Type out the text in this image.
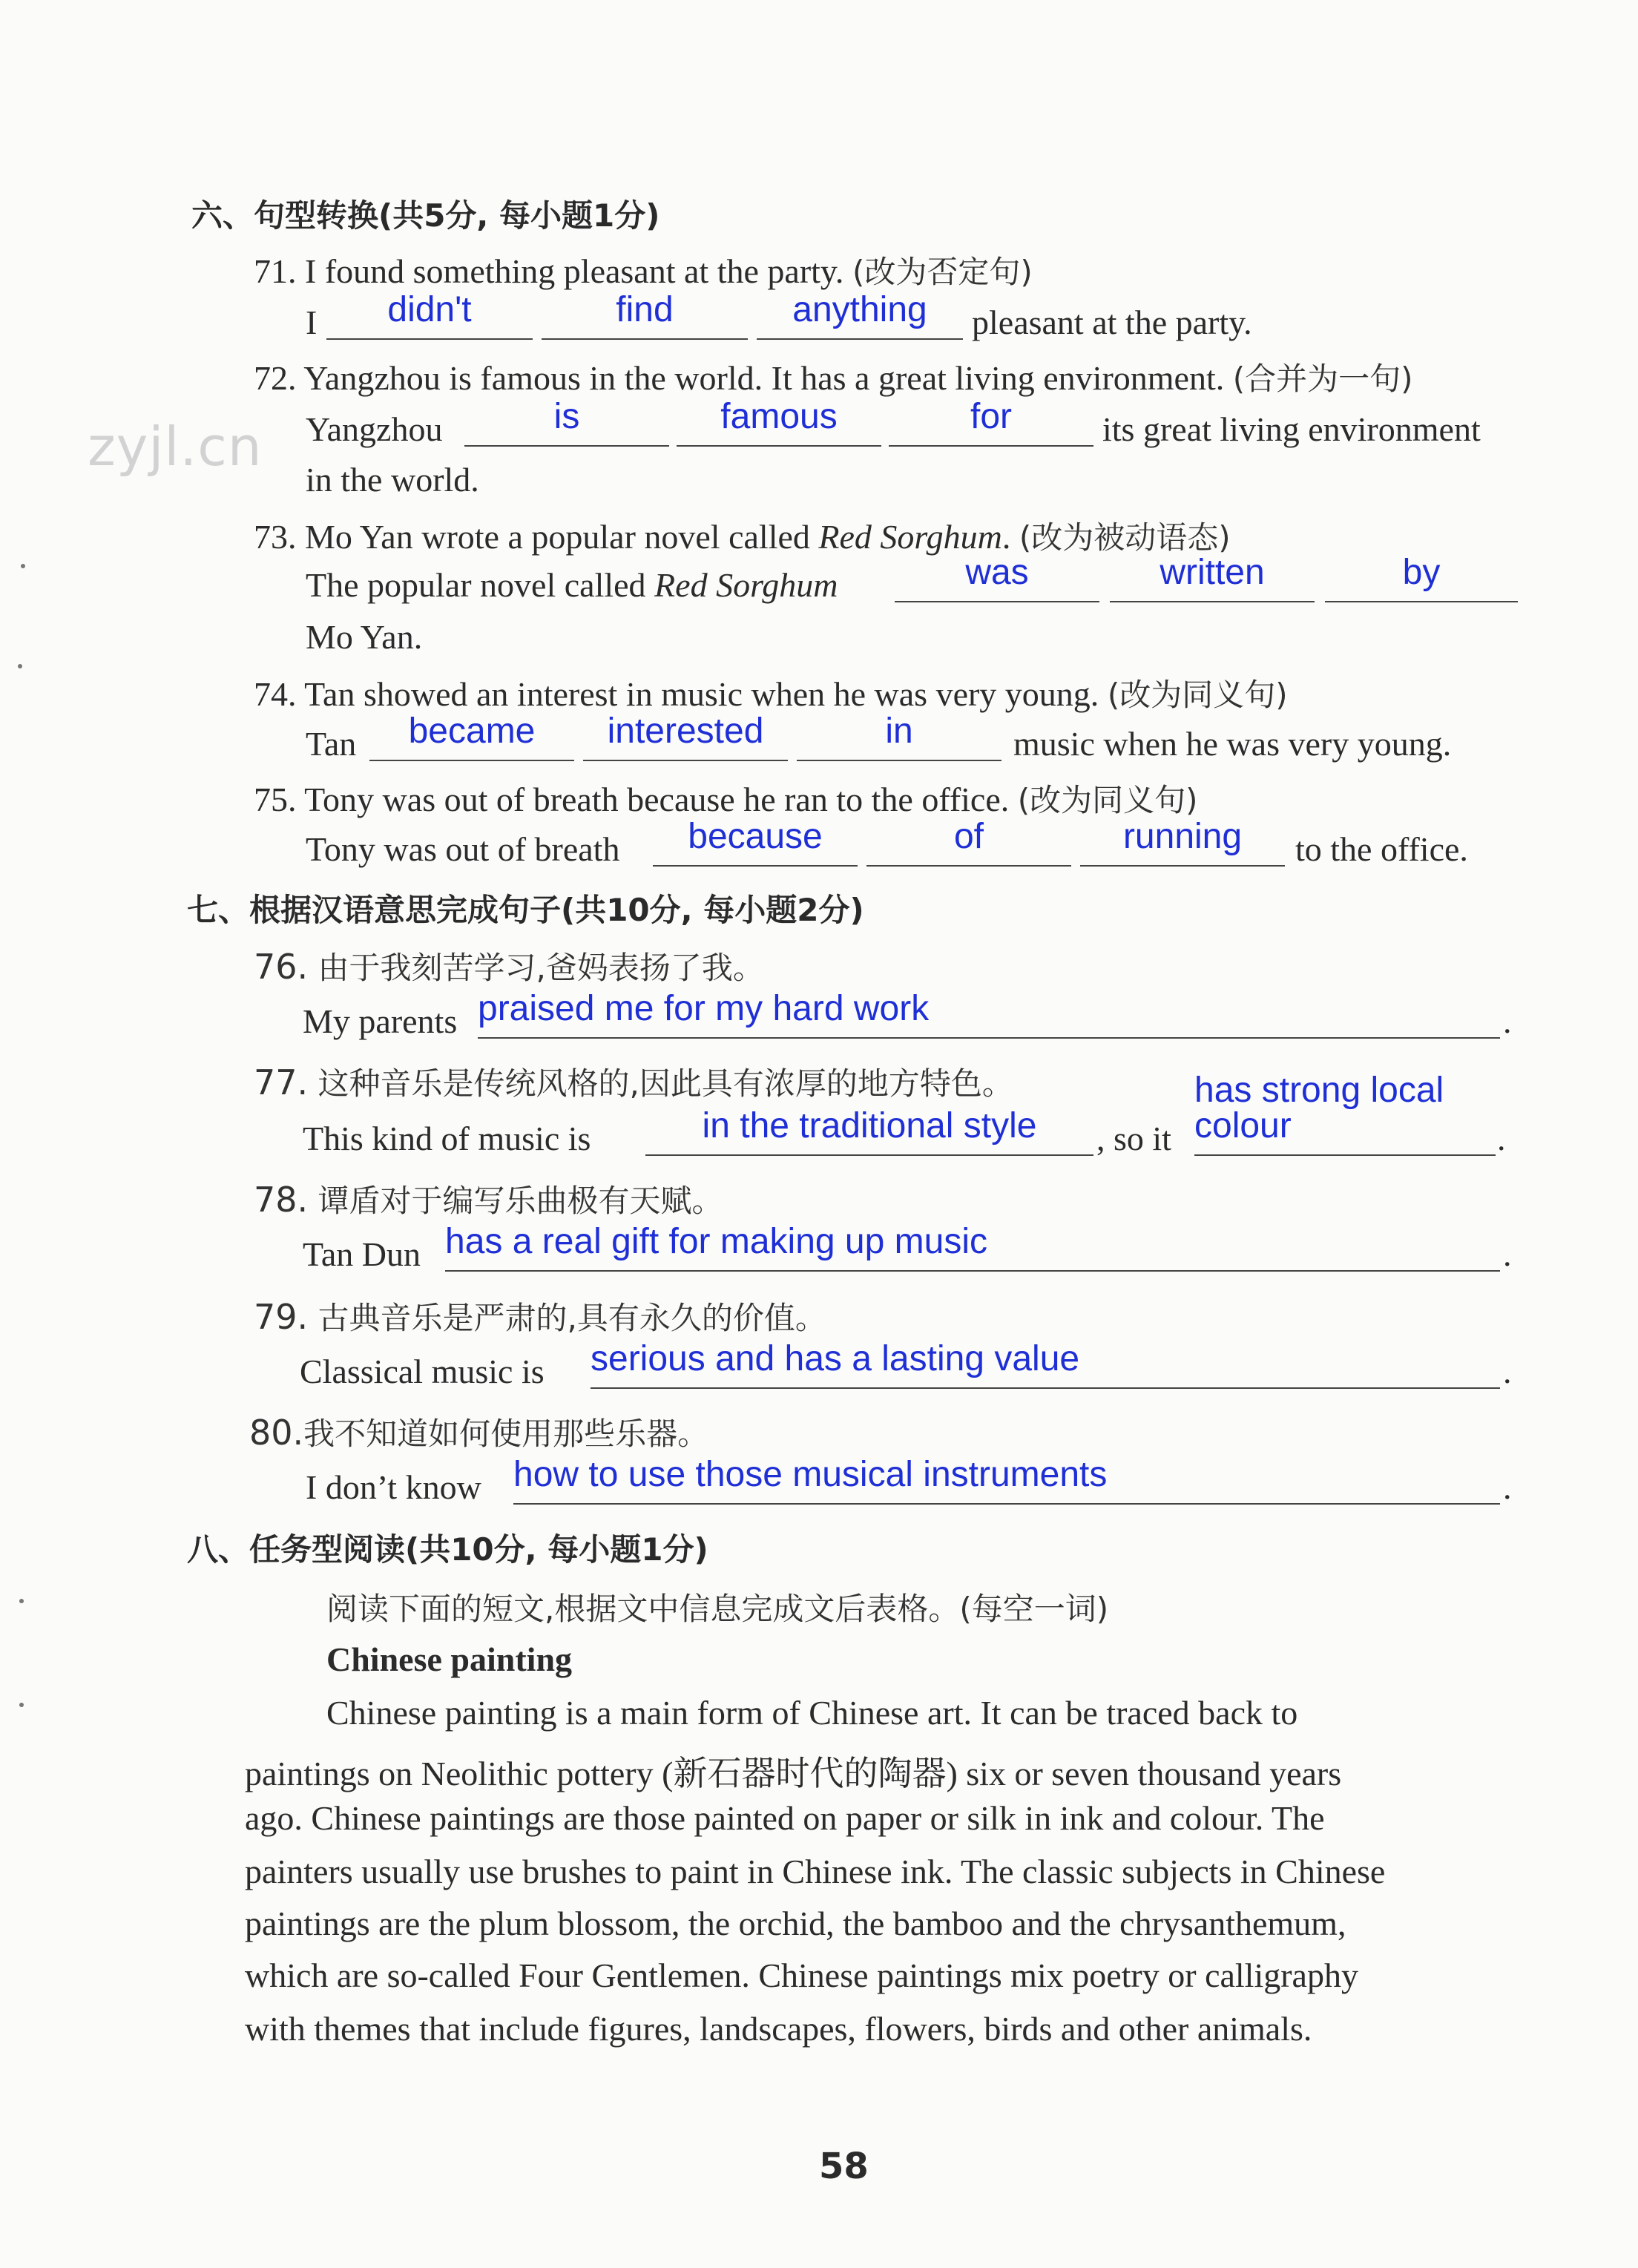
zyjl.cn
六、句型转换(共5分, 每小题1分)
71. I found something pleasant at the party. (改为否定句)
I didn't	find	anything pleasant at the party.
72. Yangzhou is famous in the world. It has a great living environment. (合并为一句)
Yangzhou	is	famous	for	its great living environment
in the world.
73. Mo Yan wrote a popular novel called Red Sorghum. (改为被动语态)
The popular novel called Red Sorghum	was	written	by
Mo Yan.
74. Tan showed an interest in music when he was very young. (改为同义句)
Tan became interested	in	music when he was very young.
75. Tony was out of breath because he ran to the office. (改为同义句)
Tony was out of breath because	of	running to the office.
七、根据汉语意思完成句子(共10分, 每小题2分)
76. 由于我刻苦学习,爸妈表扬了我。
My parents praised me for my hard work	.
77. 这种音乐是传统风格的,因此具有浓厚的地方特色。
This kind of music is	in the traditional style , so it
has strong local colour	.
78. 谭盾对于编写乐曲极有天赋。
Tan Dun has a real gift for making up music	.
79. 古典音乐是严肃的,具有永久的价值。
Classical music is serious and has a lasting value	.
80.我不知道如何使用那些乐器。
I don’t know how to use those musical instruments	.
八、任务型阅读(共10分, 每小题1分)
阅读下面的短文,根据文中信息完成文后表格。(每空一词)
Chinese painting
Chinese painting is a main form of Chinese art. It can be traced back to
paintings on Neolithic pottery (新石器时代的陶器) six or seven thousand years
ago. Chinese paintings are those painted on paper or silk in ink and colour. The
painters usually use brushes to paint in Chinese ink. The classic subjects in Chinese
paintings are the plum blossom, the orchid, the bamboo and the chrysanthemum,
which are so-called Four Gentlemen. Chinese paintings mix poetry or calligraphy
with themes that include figures, landscapes, flowers, birds and other animals.
58
